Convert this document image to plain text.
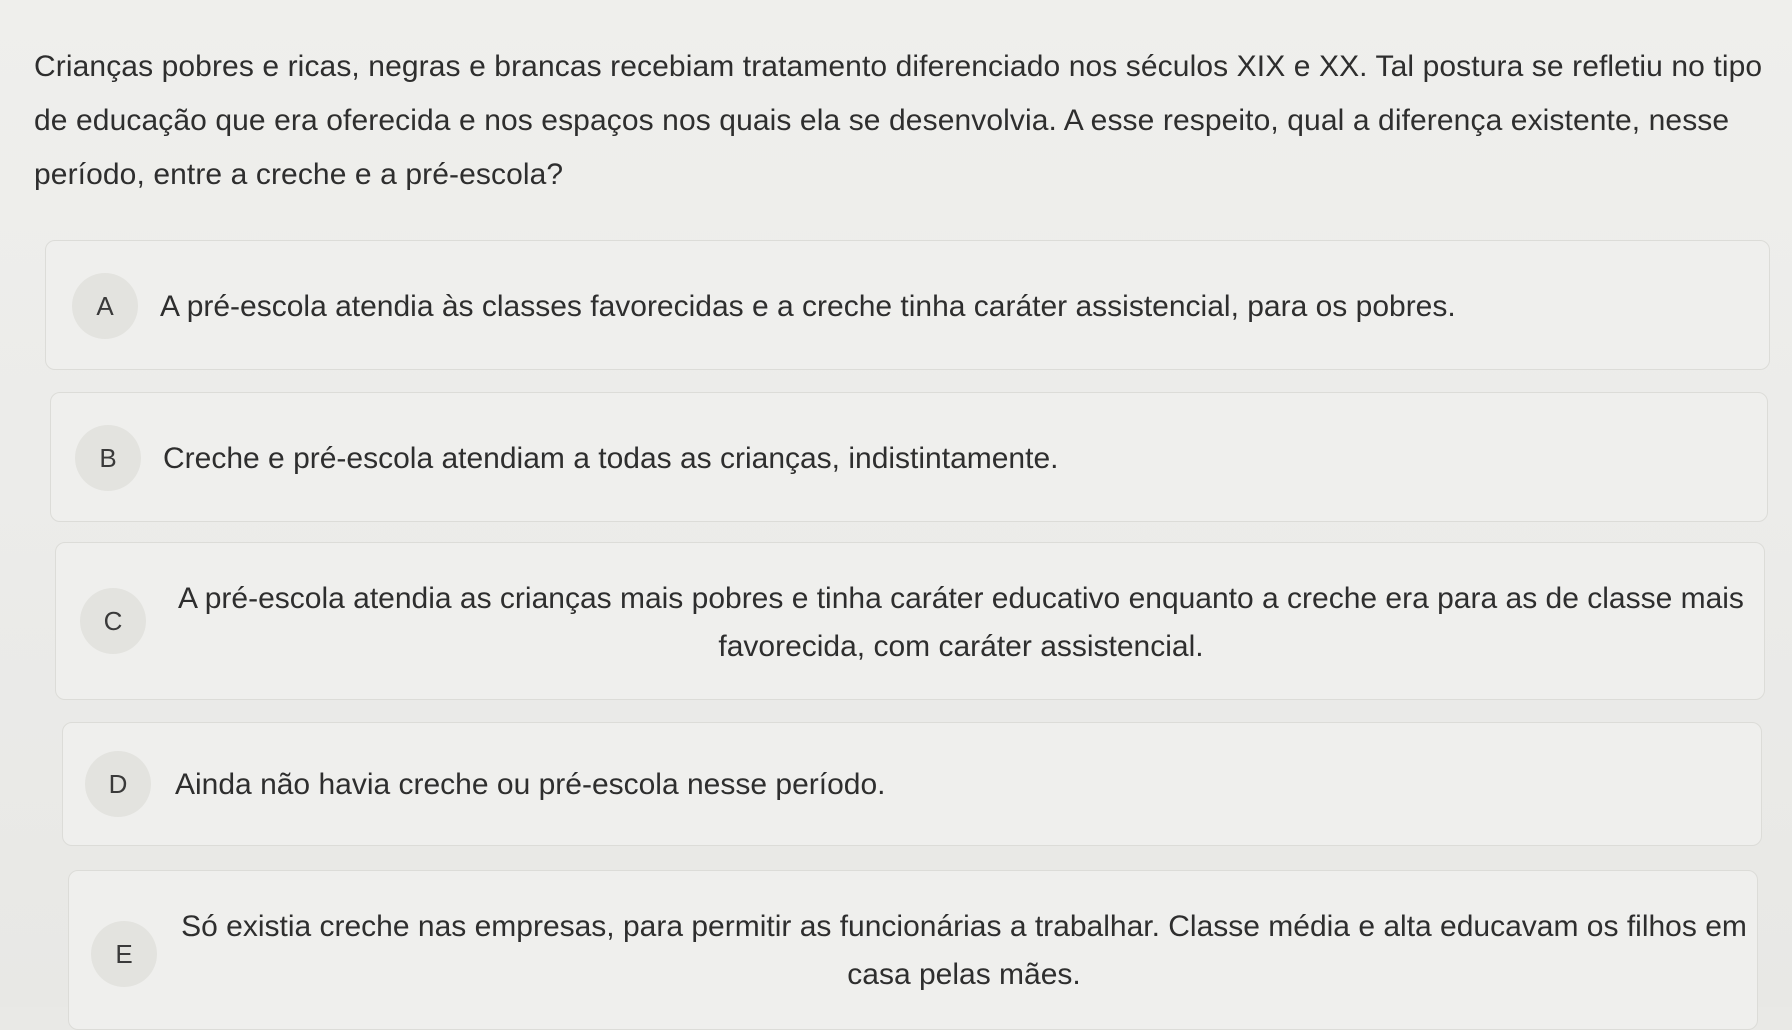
Crianças pobres e ricas, negras e brancas recebiam tratamento diferenciado nos séculos XIX e XX. Tal postura se refletiu no tipo de educação que era oferecida e nos espaços nos quais ela se desenvolvia. A esse respeito, qual a diferença existente, nesse período, entre a creche e a pré-escola?
A	A pré-escola atendia às classes favorecidas e a creche tinha caráter assistencial, para os pobres.
B	Creche e pré-escola atendiam a todas as crianças, indistintamente.
C
A pré-escola atendia as crianças mais pobres e tinha caráter educativo enquanto a creche era para as de classe mais favorecida, com caráter assistencial.
D	Ainda não havia creche ou pré-escola nesse período.
E
Só existia creche nas empresas, para permitir as funcionárias a trabalhar. Classe média e alta educavam os filhos em casa pelas mães.
